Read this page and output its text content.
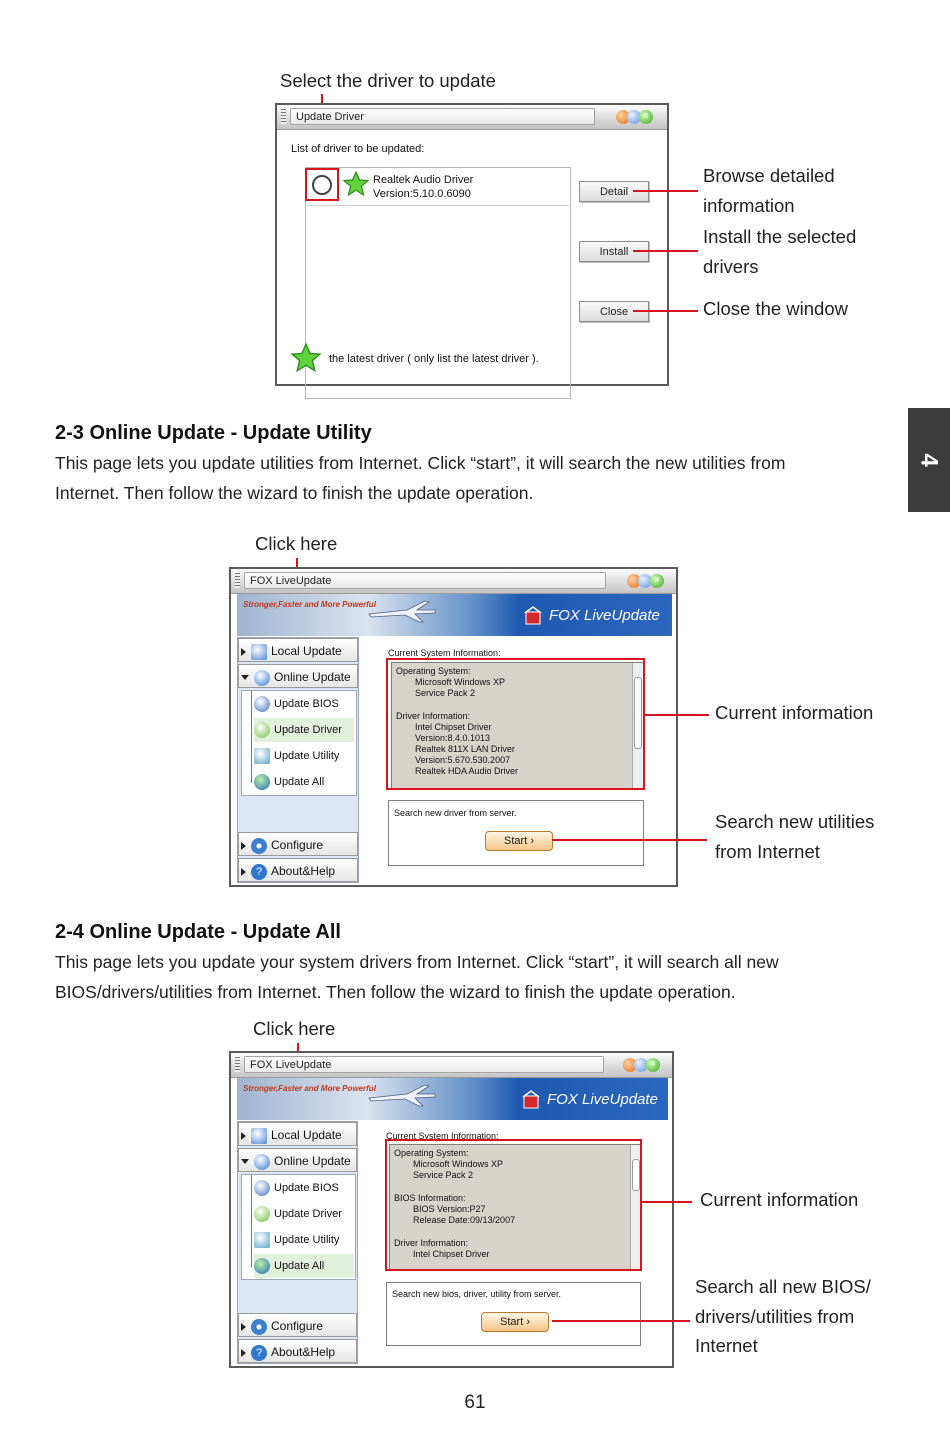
Select the driver to update
Update Driver	×
List of driver to be updated:
Realtek Audio Driver
Version:5.10.0.6090	Detail
Install
Close
the latest driver ( only list the latest driver ).
Browse detailed
information
Install the selected
drivers
Close the window
2-3 Online Update - Update Utility
This page lets you update utilities from Internet. Click “start”, it will search the new utilities from
Internet. Then follow the wizard to finish the update operation.
Click here
FOX LiveUpdate	×
Stronger,Faster and More Powerful
FOX LiveUpdate
Local Update
Online Update
Update BIOS
Update Driver
Update Utility
Update All
Configure
? About&Help
Current System Information:
Operating System:
Microsoft Windows XP
Service Pack 2
Driver Information:
Intel Chipset Driver
Version:8.4.0.1013
Realtek 811X LAN Driver
Version:5.670.530.2007
Realtek HDA Audio Driver
Search new driver from server.
Start ›
Current information
Search new utilities
from Internet
2-4 Online Update - Update All
This page lets you update your system drivers from Internet. Click “start”, it will search all new
BIOS/drivers/utilities from Internet. Then follow the wizard to finish the update operation.
Click here
FOX LiveUpdate	×
Stronger,Faster and More Powerful
FOX LiveUpdate
Local Update
Online Update
Update BIOS
Update Driver
Update Utility
Update All
Configure
? About&Help
Current System Information:
Operating System:
Microsoft Windows XP
Service Pack 2
BIOS Information:
BIOS Version:P27
Release Date:09/13/2007
Driver Information:
Intel Chipset Driver
Search new bios, driver, utility from server.
Start ›
Current information
Search all new BIOS/
drivers/utilities from
Internet
4
61
